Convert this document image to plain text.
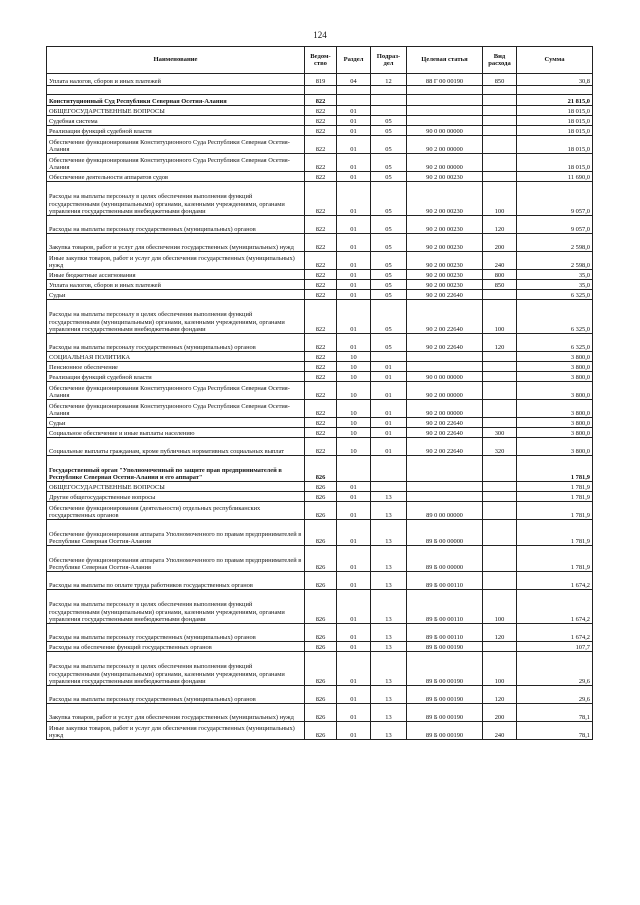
124
Наименование	Ведом-ство	Раздел	Подраз-дел	Целевая статья	Вид расхода	Сумма
Уплата налогов, сборов и иных платежей	819	04	12	88 Г 00 00190	850	30,8

Конституционный Суд Республики Северная Осетия-Алания	822					21 815,0
ОБЩЕГОСУДАРСТВЕННЫЕ ВОПРОСЫ	822	01				18 015,0
Судебная система	822	01	05			18 015,0
Реализация функций судебной власти	822	01	05	90 0 00 00000		18 015,0
Обеспечение функционирования Конституционного Суда Республики Северная Осетия-Алания	822	01	05	90 2 00 00000		18 015,0
Обеспечение функционирования Конституционного Суда Республики Северная Осетия-Алания	822	01	05	90 2 00 00000		18 015,0
Обеспечение деятельности аппаратов судов	822	01	05	90 2 00 00230		11 690,0
Расходы на выплаты персоналу в целях обеспечения выполнения функций государственными (муниципальными) органами, казенными учреждениями, органами управления государственными внебюджетными фондами	822	01	05	90 2 00 00230	100	9 057,0
Расходы на выплаты персоналу государственных (муниципальных) органов	822	01	05	90 2 00 00230	120	9 057,0
Закупка товаров, работ и услуг для обеспечения государственных (муниципальных) нужд	822	01	05	90 2 00 00230	200	2 598,0
Иные закупки товаров, работ и услуг для обеспечения государственных (муниципальных) нужд	822	01	05	90 2 00 00230	240	2 598,0
Иные бюджетные ассигнования	822	01	05	90 2 00 00230	800	35,0
Уплата налогов, сборов и иных платежей	822	01	05	90 2 00 00230	850	35,0
Судьи	822	01	05	90 2 00 22640		6 325,0
Расходы на выплаты персоналу в целях обеспечения выполнения функций государственными (муниципальными) органами, казенными учреждениями, органами управления государственными внебюджетными фондами	822	01	05	90 2 00 22640	100	6 325,0
Расходы на выплаты персоналу государственных (муниципальных) органов	822	01	05	90 2 00 22640	120	6 325,0
СОЦИАЛЬНАЯ ПОЛИТИКА	822	10				3 800,0
Пенсионное обеспечение	822	10	01			3 800,0
Реализация функций судебной власти	822	10	01	90 0 00 00000		3 800,0
Обеспечение функционирования Конституционного Суда Республики Северная Осетия-Алания	822	10	01	90 2 00 00000		3 800,0
Обеспечение функционирования Конституционного Суда Республики Северная Осетия-Алания	822	10	01	90 2 00 00000		3 800,0
Судьи	822	10	01	90 2 00 22640		3 800,0
Социальное обеспечение и иные выплаты населению	822	10	01	90 2 00 22640	300	3 800,0
Социальные выплаты гражданам, кроме публичных нормативных социальных выплат	822	10	01	90 2 00 22640	320	3 800,0
Государственный орган "Уполномоченный по защите прав предпринимателей в Республике Северная Осетия-Алания и его аппарат"	826					1 781,9
ОБЩЕГОСУДАРСТВЕННЫЕ ВОПРОСЫ	826	01				1 781,9
Другие общегосударственные вопросы	826	01	13			1 781,9
Обеспечение функционирования (деятельности) отдельных республиканских государственных органов	826	01	13	89 0 00 00000		1 781,9
Обеспечение функционирования аппарата Уполномоченного по правам предпринимателей в Республике Северная Осетия-Алания	826	01	13	89 Б 00 00000		1 781,9
Обеспечение функционирования аппарата Уполномоченного по правам предпринимателей в Республике Северная Осетия-Алания	826	01	13	89 Б 00 00000		1 781,9
Расходы на выплаты по оплате труда работников государственных органов	826	01	13	89 Б 00 00110		1 674,2
Расходы на выплаты персоналу в целях обеспечения выполнения функций государственными (муниципальными) органами, казенными учреждениями, органами управления государственными внебюджетными фондами	826	01	13	89 Б 00 00110	100	1 674,2
Расходы на выплаты персоналу государственных (муниципальных) органов	826	01	13	89 Б 00 00110	120	1 674,2
Расходы на обеспечение функций государственных органов	826	01	13	89 Б 00 00190		107,7
Расходы на выплаты персоналу в целях обеспечения выполнения функций государственными (муниципальными) органами, казенными учреждениями, органами управления государственными внебюджетными фондами	826	01	13	89 Б 00 00190	100	29,6
Расходы на выплаты персоналу государственных (муниципальных) органов	826	01	13	89 Б 00 00190	120	29,6
Закупка товаров, работ и услуг для обеспечения государственных (муниципальных) нужд	826	01	13	89 Б 00 00190	200	78,1
Иные закупки товаров, работ и услуг для обеспечения государственных (муниципальных) нужд	826	01	13	89 Б 00 00190	240	78,1
